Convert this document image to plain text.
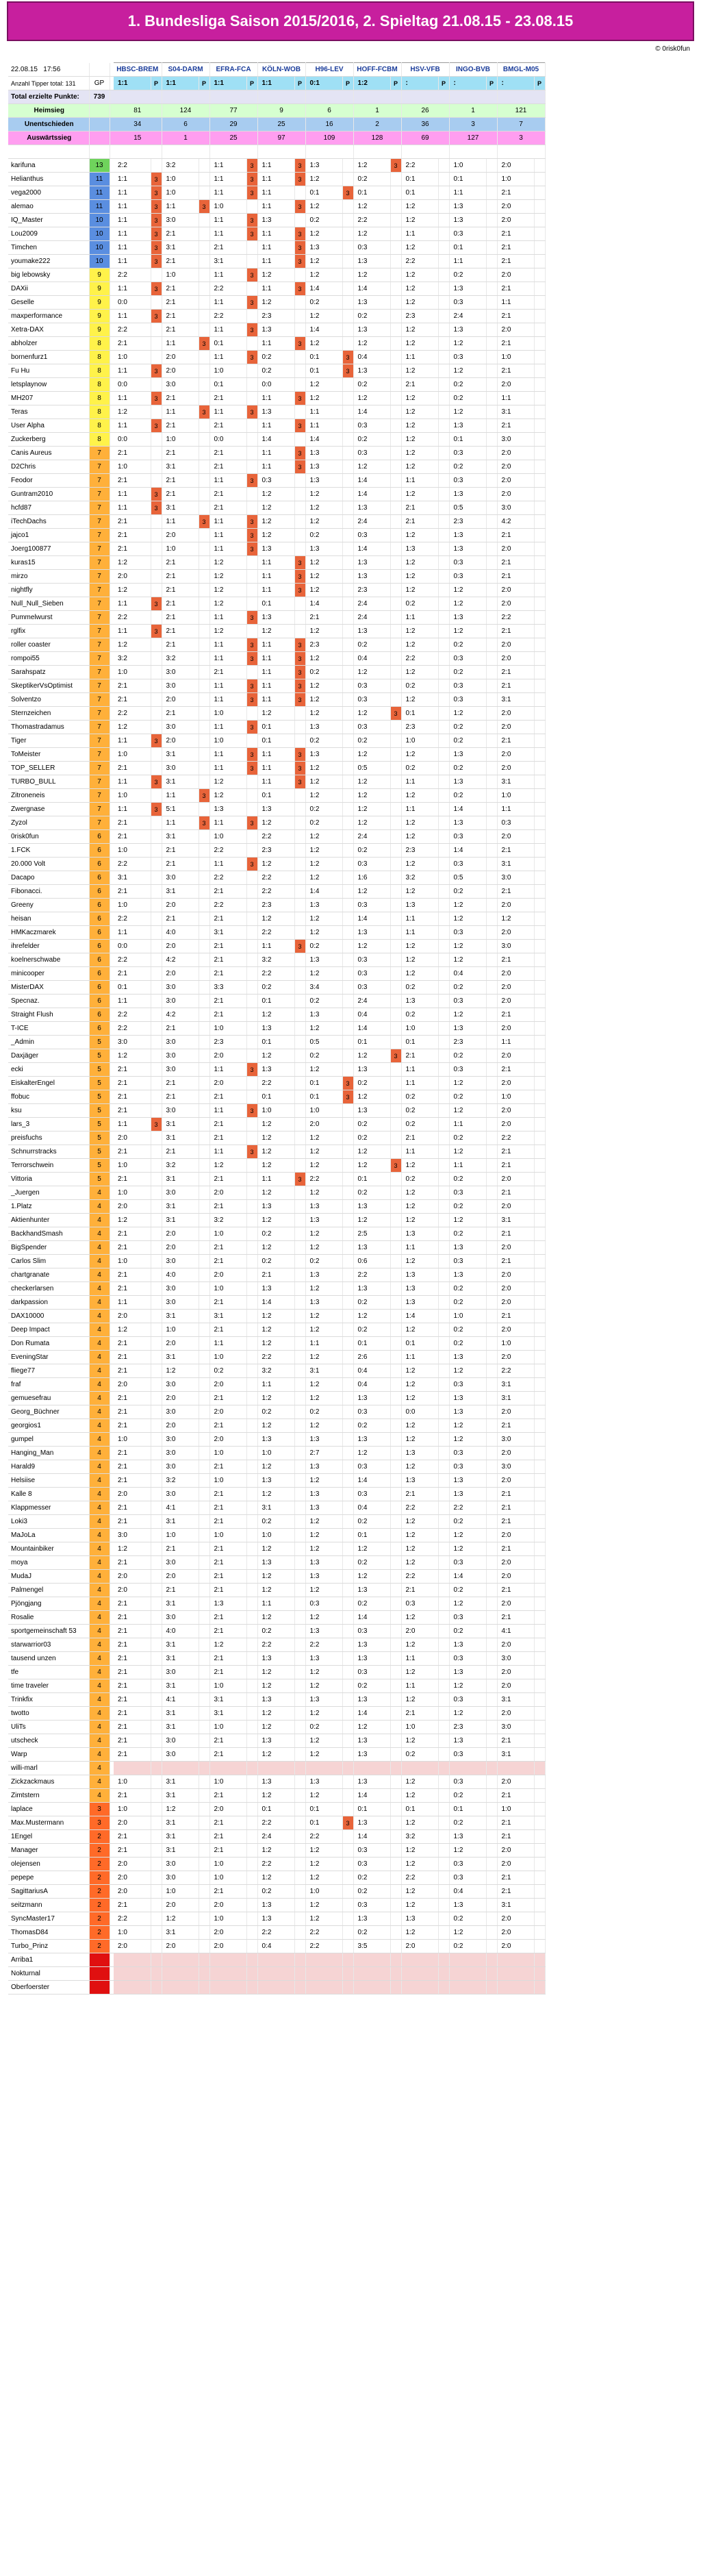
1. Bundesliga Saison 2015/2016, 2. Spieltag 21.08.15 - 23.08.15
© 0risk0fun
22.08.15 17:56			HBSC-BREM		S04-DARM		EFRA-FCA		KÖLN-WOB		H96-LEV		HOFF-FCBM		HSV-VFB		INGO-BVB		BMGL-M05	
Anzahl Tipper total: 131	GP		1:1	P	1:1	P	1:1	P	1:1	P	0:1	P	1:2	P	:	P	:	P	:	P
Total erzielte Punkte:	739																			
Heimsieg			81		124		77		9		6		1		26		1		121	
Unentschieden			34		6		29		25		16		2		36		3		7	
Auswärtssieg			15		1		25		97		109		128		69		127		3	

karifuna	13		2:2		3:2		1:1	3	1:1	3	1:3		1:2	3	2:2		1:0		2:0	
Helianthus	11		1:1	3	1:0		1:1	3	1:1	3	1:2		0:2		0:1		0:1		1:0	
vega2000	11		1:1	3	1:0		1:1	3	1:1		0:1	3	0:1		0:1		1:1		2:1	
alemao	11		1:1	3	1:1	3	1:0		1:1	3	1:2		1:2		1:2		1:3		2:0	
IQ_Master	10		1:1	3	3:0		1:1	3	1:3		0:2		2:2		1:2		1:3		2:0	
Lou2009	10		1:1	3	2:1		1:1	3	1:1	3	1:2		1:2		1:1		0:3		2:1	
Timchen	10		1:1	3	3:1		2:1		1:1	3	1:3		0:3		1:2		0:1		2:1	
youmake222	10		1:1	3	2:1		3:1		1:1	3	1:2		1:3		2:2		1:1		2:1	
big lebowsky	9		2:2		1:0		1:1	3	1:2		1:2		1:2		1:2		0:2		2:0	
DAXii	9		1:1	3	2:1		2:2		1:1	3	1:4		1:4		1:2		1:3		2:1	
Geselle	9		0:0		2:1		1:1	3	1:2		0:2		1:3		1:2		0:3		1:1	
maxperformance	9		1:1	3	2:1		2:2		2:3		1:2		0:2		2:3		2:4		2:1	
Xetra-DAX	9		2:2		2:1		1:1	3	1:3		1:4		1:3		1:2		1:3		2:0	
abholzer	8		2:1		1:1	3	0:1		1:1	3	1:2		1:2		1:2		1:2		2:1	
bornenfurz1	8		1:0		2:0		1:1	3	0:2		0:1	3	0:4		1:1		0:3		1:0	
Fu Hu	8		1:1	3	2:0		1:0		0:2		0:1	3	1:3		1:2		1:2		2:1	
letsplaynow	8		0:0		3:0		0:1		0:0		1:2		0:2		2:1		0:2		2:0	
MH207	8		1:1	3	2:1		2:1		1:1	3	1:2		1:2		1:2		0:2		1:1	
Teras	8		1:2		1:1	3	1:1	3	1:3		1:1		1:4		1:2		1:2		3:1	
User Alpha	8		1:1	3	2:1		2:1		1:1	3	1:1		0:3		1:2		1:3		2:1	
Zuckerberg	8		0:0		1:0		0:0		1:4		1:4		0:2		1:2		0:1		3:0	
Canis Aureus	7		2:1		2:1		2:1		1:1	3	1:3		0:3		1:2		0:3		2:0	
D2Chris	7		1:0		3:1		2:1		1:1	3	1:3		1:2		1:2		0:2		2:0	
Feodor	7		2:1		2:1		1:1	3	0:3		1:3		1:4		1:1		0:3		2:0	
Guntram2010	7		1:1	3	2:1		2:1		1:2		1:2		1:4		1:2		1:3		2:0	
hcfd87	7		1:1	3	3:1		2:1		1:2		1:2		1:3		2:1		0:5		3:0	
iTechDachs	7		2:1		1:1	3	1:1	3	1:2		1:2		2:4		2:1		2:3		4:2	
jajco1	7		2:1		2:0		1:1	3	1:2		0:2		0:3		1:2		1:3		2:1	
Joerg100877	7		2:1		1:0		1:1	3	1:3		1:3		1:4		1:3		1:3		2:0	
kuras15	7		1:2		2:1		1:2		1:1	3	1:2		1:3		1:2		0:3		2:1	
mirzo	7		2:0		2:1		1:2		1:1	3	1:2		1:3		1:2		0:3		2:1	
nightfly	7		1:2		2:1		1:2		1:1	3	1:2		2:3		1:2		1:2		2:0	
Null_Null_Sieben	7		1:1	3	2:1		1:2		0:1		1:4		2:4		0:2		1:2		2:0	
Pummelwurst	7		2:2		2:1		1:1	3	1:3		2:1		2:4		1:1		1:3		2:2	
rglfix	7		1:1	3	2:1		1:2		1:2		1:2		1:3		1:2		1:2		2:1	
roller coaster	7		1:2		2:1		1:1	3	1:1	3	2:3		0:2		1:2		0:2		2:0	
rompoi55	7		3:2		3:2		1:1	3	1:1	3	1:2		0:4		2:2		0:3		2:0	
Sarahspatz	7		1:0		3:0		2:1		1:1	3	0:2		1:2		1:2		0:2		2:1	
SkeptikerVsOptimist	7		2:1		3:0		1:1	3	1:1	3	1:2		0:3		0:2		0:3		2:1	
Solventzo	7		2:1		2:0		1:1	3	1:1	3	1:2		0:3		1:2		0:3		3:1	
Sternzeichen	7		2:2		2:1		1:0		1:2		1:2		1:2	3	0:1		1:2		2:0	
Thomastradamus	7		1:2		3:0		1:1	3	0:1		1:3		0:3		2:3		0:2		2:0	
Tiger	7		1:1	3	2:0		1:0		0:1		0:2		0:2		1:0		0:2		2:1	
ToMeister	7		1:0		3:1		1:1	3	1:1	3	1:3		1:2		1:2		1:3		2:0	
TOP_SELLER	7		2:1		3:0		1:1	3	1:1	3	1:2		0:5		0:2		0:2		2:0	
TURBO_BULL	7		1:1	3	3:1		1:2		1:1	3	1:2		1:2		1:1		1:3		3:1	
Zitroneneis	7		1:0		1:1	3	1:2		0:1		1:2		1:2		1:2		0:2		1:0	
Zwergnase	7		1:1	3	5:1		1:3		1:3		0:2		1:2		1:1		1:4		1:1	
Zyzol	7		2:1		1:1	3	1:1	3	1:2		0:2		1:2		1:2		1:3		0:3	
0risk0fun	6		2:1		3:1		1:0		2:2		1:2		2:4		1:2		0:3		2:0	
1.FCK	6		1:0		2:1		2:2		2:3		1:2		0:2		2:3		1:4		2:1	
20.000 Volt	6		2:2		2:1		1:1	3	1:2		1:2		0:3		1:2		0:3		3:1	
Dacapo	6		3:1		3:0		2:2		2:2		1:2		1:6		3:2		0:5		3:0	
Fibonacci.	6		2:1		3:1		2:1		2:2		1:4		1:2		1:2		0:2		2:1	
Greeny	6		1:0		2:0		2:2		2:3		1:3		0:3		1:3		1:2		2:0	
heisan	6		2:2		2:1		2:1		1:2		1:2		1:4		1:1		1:2		1:2	
HMKaczmarek	6		1:1		4:0		3:1		2:2		1:2		1:3		1:1		0:3		2:0	
ihrefelder	6		0:0		2:0		2:1		1:1	3	0:2		1:2		1:2		1:2		3:0	
koelnerschwabe	6		2:2		4:2		2:1		3:2		1:3		0:3		1:2		1:2		2:1	
minicooper	6		2:1		2:0		2:1		2:2		1:2		0:3		1:2		0:4		2:0	
MisterDAX	6		0:1		3:0		3:3		0:2		3:4		0:3		0:2		0:2		2:0	
Specnaz.	6		1:1		3:0		2:1		0:1		0:2		2:4		1:3		0:3		2:0	
Straight Flush	6		2:2		4:2		2:1		1:2		1:3		0:4		0:2		1:2		2:1	
T-ICE	6		2:2		2:1		1:0		1:3		1:2		1:4		1:0		1:3		2:0	
_Admin	5		3:0		3:0		2:3		0:1		0:5		0:1		0:1		2:3		1:1	
Daxjäger	5		1:2		3:0		2:0		1:2		0:2		1:2	3	2:1		0:2		2:0	
ecki	5		2:1		3:0		1:1	3	1:3		1:2		1:3		1:1		0:3		2:1	
EiskalterEngel	5		2:1		2:1		2:0		2:2		0:1	3	0:2		1:1		1:2		2:0	
ffobuc	5		2:1		2:1		2:1		0:1		0:1	3	1:2		0:2		0:2		1:0	
ksu	5		2:1		3:0		1:1	3	1:0		1:0		1:3		0:2		1:2		2:0	
lars_3	5		1:1	3	3:1		2:1		1:2		2:0		0:2		0:2		1:1		2:0	
preisfuchs	5		2:0		3:1		2:1		1:2		1:2		0:2		2:1		0:2		2:2	
Schnurrstracks	5		2:1		2:1		1:1	3	1:2		1:2		1:2		1:1		1:2		2:1	
Terrorschwein	5		1:0		3:2		1:2		1:2		1:2		1:2	3	1:2		1:1		2:1	
Vittoria	5		2:1		3:1		2:1		1:1	3	2:2		0:1		0:2		0:2		2:0	
_Juergen	4		1:0		3:0		2:0		1:2		1:2		0:2		1:2		0:3		2:1	
1.Platz	4		2:0		3:1		2:1		1:3		1:3		1:3		1:2		0:2		2:0	
Aktienhunter	4		1:2		3:1		3:2		1:2		1:3		1:2		1:2		1:2		3:1	
BackhandSmash	4		2:1		2:0		1:0		0:2		1:2		2:5		1:3		0:2		2:1	
BigSpender	4		2:1		2:0		2:1		1:2		1:2		1:3		1:1		1:3		2:0	
Carlos Slim	4		1:0		3:0		2:1		0:2		0:2		0:6		1:2		0:3		2:1	
chartgranate	4		2:1		4:0		2:0		2:1		1:3		2:2		1:3		1:3		2:0	
checkerlarsen	4		2:1		3:0		1:0		1:3		1:2		1:3		1:3		0:2		2:0	
darkpassion	4		1:1		3:0		2:1		1:4		1:3		0:2		1:3		0:2		2:0	
DAX10000	4		2:0		3:1		3:1		1:2		1:2		1:2		1:4		1:0		2:1	
Deep Impact	4		1:2		1:0		2:1		1:2		1:2		0:2		1:2		0:2		2:0	
Don Rumata	4		2:1		2:0		1:1		1:2		1:1		0:1		0:1		0:2		1:0	
EveningStar	4		2:1		3:1		1:0		2:2		1:2		2:6		1:1		1:3		2:0	
fliege77	4		2:1		1:2		0:2		3:2		3:1		0:4		1:2		1:2		2:2	
fraf	4		2:0		3:0		2:0		1:1		1:2		0:4		1:2		0:3		3:1	
gemuesefrau	4		2:1		2:0		2:1		1:2		1:2		1:3		1:2		1:3		3:1	
Georg_Büchner	4		2:1		3:0		2:0		0:2		0:2		0:3		0:0		1:3		2:0	
georgios1	4		2:1		2:0		2:1		1:2		1:2		0:2		1:2		1:2		2:1	
gumpel	4		1:0		3:0		2:0		1:3		1:3		1:3		1:2		1:2		3:0	
Hanging_Man	4		2:1		3:0		1:0		1:0		2:7		1:2		1:3		0:3		2:0	
Harald9	4		2:1		3:0		2:1		1:2		1:3		0:3		1:2		0:3		3:0	
Helsiise	4		2:1		3:2		1:0		1:3		1:2		1:4		1:3		1:3		2:0	
Kalle 8	4		2:0		3:0		2:1		1:2		1:3		0:3		2:1		1:3		2:1	
Klappmesser	4		2:1		4:1		2:1		3:1		1:3		0:4		2:2		2:2		2:1	
Loki3	4		2:1		3:1		2:1		0:2		1:2		0:2		1:2		0:2		2:1	
MaJoLa	4		3:0		1:0		1:0		1:0		1:2		0:1		1:2		1:2		2:0	
Mountainbiker	4		1:2		2:1		2:1		1:2		1:2		1:2		1:2		1:2		2:1	
moya	4		2:1		3:0		2:1		1:3		1:3		0:2		1:2		0:3		2:0	
MudaJ	4		2:0		2:0		2:1		1:2		1:3		1:2		2:2		1:4		2:0	
Palmengel	4		2:0		2:1		2:1		1:2		1:2		1:3		2:1		0:2		2:1	
Pjöngjang	4		2:1		3:1		1:3		1:1		0:3		0:2		0:3		1:2		2:0	
Rosalie	4		2:1		3:0		2:1		1:2		1:2		1:4		1:2		0:3		2:1	
sportgemeinschaft 53	4		2:1		4:0		2:1		0:2		1:3		0:3		2:0		0:2		4:1	
starwarrior03	4		2:1		3:1		1:2		2:2		2:2		1:3		1:2		1:3		2:0	
tausend unzen	4		2:1		3:1		2:1		1:3		1:3		1:3		1:1		0:3		3:0	
tfe	4		2:1		3:0		2:1		1:2		1:2		0:3		1:2		1:3		2:0	
time traveler	4		2:1		3:1		1:0		1:2		1:2		0:2		1:1		1:2		2:0	
Trinkfix	4		2:1		4:1		3:1		1:3		1:3		1:3		1:2		0:3		3:1	
twotto	4		2:1		3:1		3:1		1:2		1:2		1:4		2:1		1:2		2:0	
UliTs	4		2:1		3:1		1:0		1:2		0:2		1:2		1:0		2:3		3:0	
utscheck	4		2:1		3:0		2:1		1:3		1:2		1:3		1:2		1:3		2:1	
Warp	4		2:1		3:0		2:1		1:2		1:2		1:3		0:2		0:3		3:1	
willi-marl	4																			
Zickzackmaus	4		1:0		3:1		1:0		1:3		1:3		1:3		1:2		0:3		2:0	
Zimtstern	4		2:1		3:1		2:1		1:2		1:2		1:4		1:2		0:2		2:1	
laplace	3		1:0		1:2		2:0		0:1		0:1		0:1		0:1		0:1		1:0	
Max.Mustermann	3		2:0		3:1		2:1		2:2		0:1	3	1:3		1:2		0:2		2:1	
1Engel	2		2:1		3:1		2:1		2:4		2:2		1:4		3:2		1:3		2:1	
Manager	2		2:1		3:1		2:1		1:2		1:2		0:3		1:2		1:2		2:0	
olejensen	2		2:0		3:0		1:0		2:2		1:2		0:3		1:2		0:3		2:0	
pepepe	2		2:0		3:0		1:0		1:2		1:2		0:2		2:2		0:3		2:1	
SagittariusA	2		2:0		1:0		2:1		0:2		1:0		0:2		1:2		0:4		2:1	
seitzmann	2		2:1		2:0		2:0		1:3		1:2		0:3		1:2		1:3		3:1	
SyncMaster17	2		2:2		1:2		1:0		1:3		1:2		1:3		1:3		0:2		2:0	
ThomasD84	2		1:0		3:1		2:0		2:2		2:2		0:2		1:2		1:2		2:0	
Turbo_Prinz	2		2:0		2:0		2:0		0:4		2:2		3:5		2:0		0:2		2:0	
Arriba1																				
Nokturnal																				
Oberfoerster																				
